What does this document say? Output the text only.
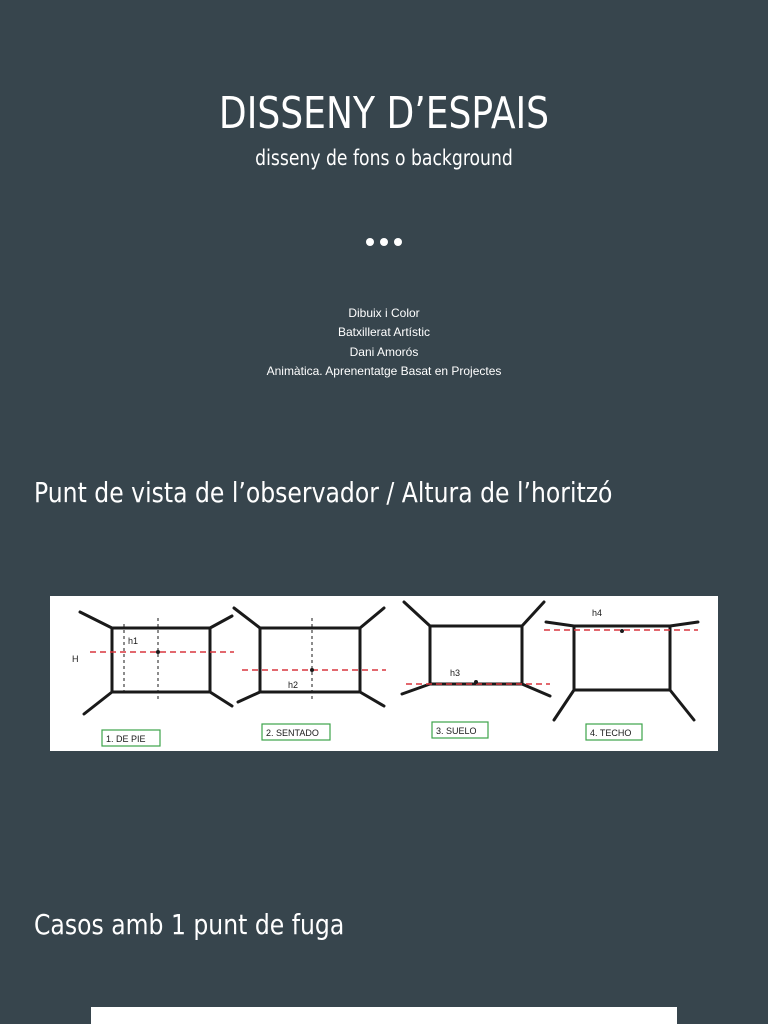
DISSENY D’ESPAIS
disseny de fons o background
Dibuix i Color
Batxillerat Artístic
Dani Amorós
Animàtica. Aprenentatge Basat en Projectes
Punt de vista de l’observador / Altura de l’horitzó
H
h1
h2
h3
h4
1. DE PIE
2. SENTADO	3. SUELO	4. TECHO
Casos amb 1 punt de fuga
